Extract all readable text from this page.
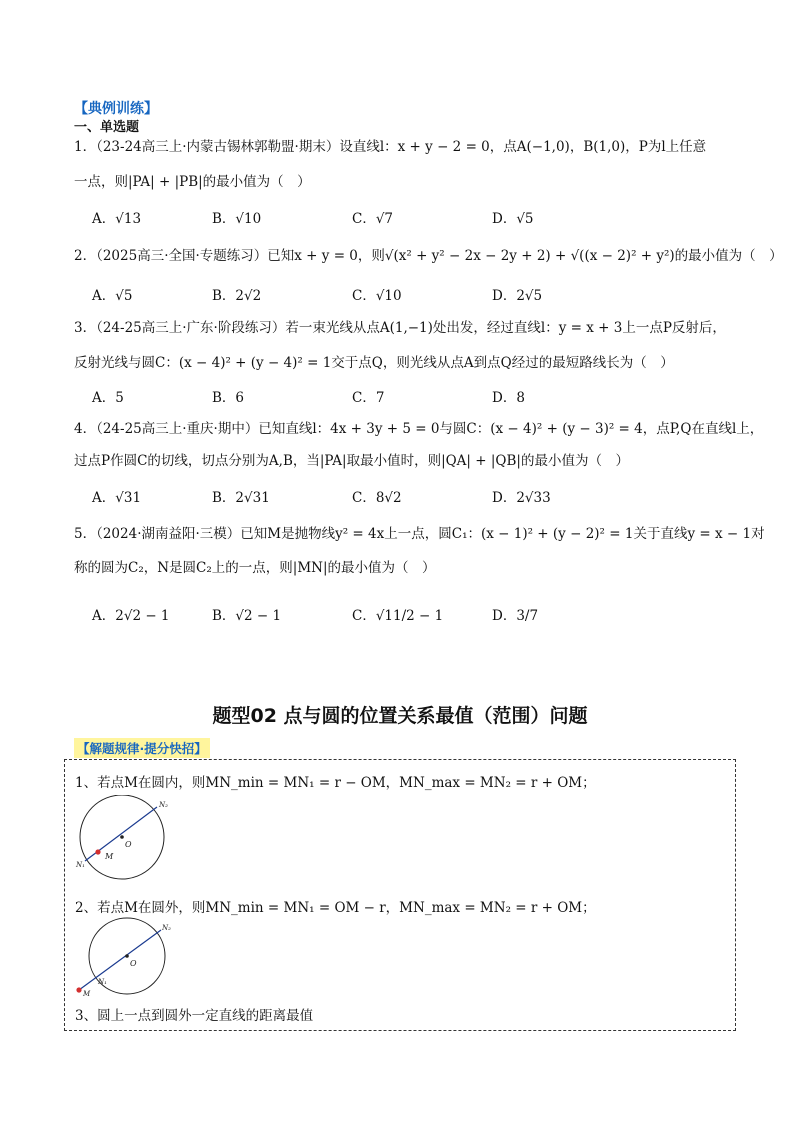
【典例训练】
一、单选题
1．（23-24高三上·内蒙古锡林郭勒盟·期末）设直线l：x + y − 2 = 0，点A(−1,0)，B(1,0)，P为l上任意
一点，则|PA| + |PB|的最小值为（　）
A．√13	B．√10	C．√7	D．√5
2．（2025高三·全国·专题练习）已知x + y = 0，则√(x² + y² − 2x − 2y + 2) + √((x − 2)² + y²)的最小值为（　）
A．√5	B．2√2	C．√10	D．2√5
3．（24-25高三上·广东·阶段练习）若一束光线从点A(1,−1)处出发，经过直线l：y = x + 3上一点P反射后，
反射光线与圆C：(x − 4)² + (y − 4)² = 1交于点Q，则光线从点A到点Q经过的最短路线长为（　）
A．5	B．6	C．7	D．8
4．（24-25高三上·重庆·期中）已知直线l：4x + 3y + 5 = 0与圆C：(x − 4)² + (y − 3)² = 4，点P,Q在直线l上，
过点P作圆C的切线，切点分别为A,B，当|PA|取最小值时，则|QA| + |QB|的最小值为（　）
A．√31	B．2√31	C．8√2	D．2√33
5．（2024·湖南益阳·三模）已知M是抛物线y² = 4x上一点，圆C₁：(x − 1)² + (y − 2)² = 1关于直线y = x − 1对
称的圆为C₂，N是圆C₂上的一点，则|MN|的最小值为（　）
A．2√2 − 1	B．√2 − 1	C．√11/2 − 1	D．3/7
题型02 点与圆的位置关系最值（范围）问题
【解题规律·提分快招】
1、若点M在圆内，则MN_min = MN₁ = r − OM，MN_max = MN₂ = r + OM；
O
M
N₁
N₂
2、若点M在圆外，则MN_min = MN₁ = OM − r，MN_max = MN₂ = r + OM；
O
M
N₁
N₂
3、圆上一点到圆外一定直线的距离最值
